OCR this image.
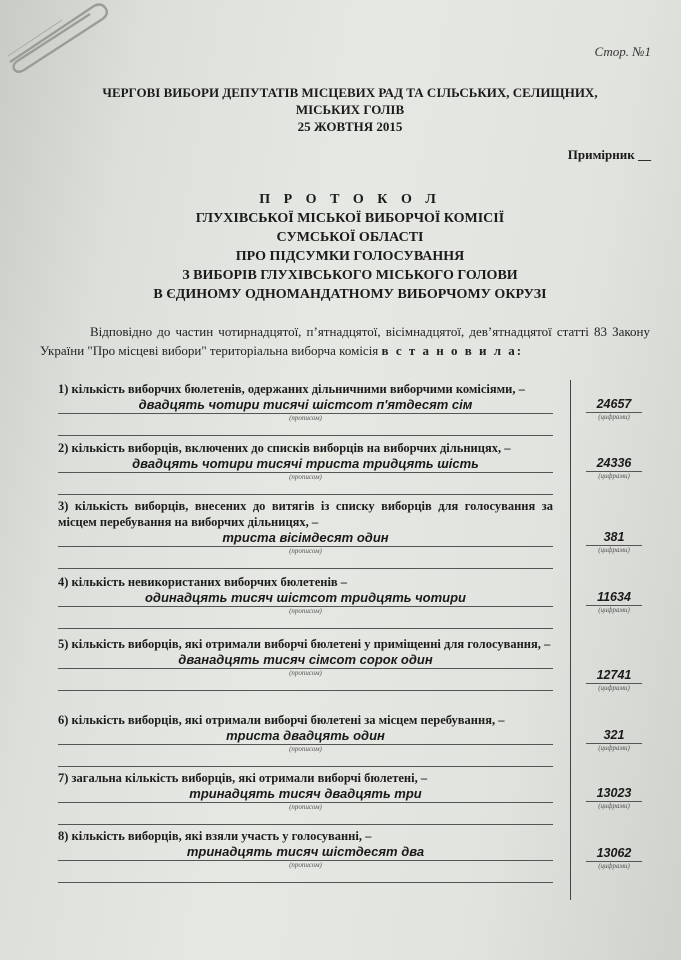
Стор. №1
ЧЕРГОВІ ВИБОРИ ДЕПУТАТІВ МІСЦЕВИХ РАД ТА СІЛЬСЬКИХ, СЕЛИЩНИХ,
МІСЬКИХ ГОЛІВ
25 ЖОВТНЯ 2015
Примірник __
П Р О Т О К О Л
ГЛУХІВСЬКОЇ МІСЬКОЇ ВИБОРЧОЇ КОМІСІЇ
СУМСЬКОЇ ОБЛАСТІ
ПРО ПІДСУМКИ ГОЛОСУВАННЯ
З ВИБОРІВ ГЛУХІВСЬКОГО МІСЬКОГО ГОЛОВИ
В ЄДИНОМУ ОДНОМАНДАТНОМУ ВИБОРЧОМУ ОКРУЗІ
Відповідно до частин чотирнадцятої, п’ятнадцятої, вісімнадцятої, дев’ятнадцятої статті 83 Закону України "Про місцеві вибори" територіальна виборча комісія в с т а н о в и л а:
1) кількість виборчих бюлетенів, одержаних дільничними виборчими комісіями, –
двадцять чотири тисячі шістсот п'ятдесят сім
(прописом)
24657
(цифрами)
2) кількість виборців, включених до списків виборців на виборчих дільницях, –
двадцять чотири тисячі триста тридцять шість
(прописом)
24336
(цифрами)
3) кількість виборців, внесених до витягів із списку виборців для голосування за місцем перебування на виборчих дільницях, –
триста вісімдесят один
(прописом)
381
(цифрами)
4) кількість невикористаних виборчих бюлетенів –
одинадцять тисяч шістсот тридцять чотири
(прописом)
11634
(цифрами)
5) кількість виборців, які отримали виборчі бюлетені у приміщенні для голосування, –
дванадцять тисяч сімсот сорок один
(прописом)	12741
(цифрами)
6) кількість виборців, які отримали виборчі бюлетені за місцем перебування, –
триста двадцять один
(прописом)
321
(цифрами)
7) загальна кількість виборців, які отримали виборчі бюлетені, –
тринадцять тисяч двадцять три
(прописом)
13023
(цифрами)
8) кількість виборців, які взяли участь у голосуванні, –
тринадцять тисяч шістдесят два
(прописом)
13062
(цифрами)
